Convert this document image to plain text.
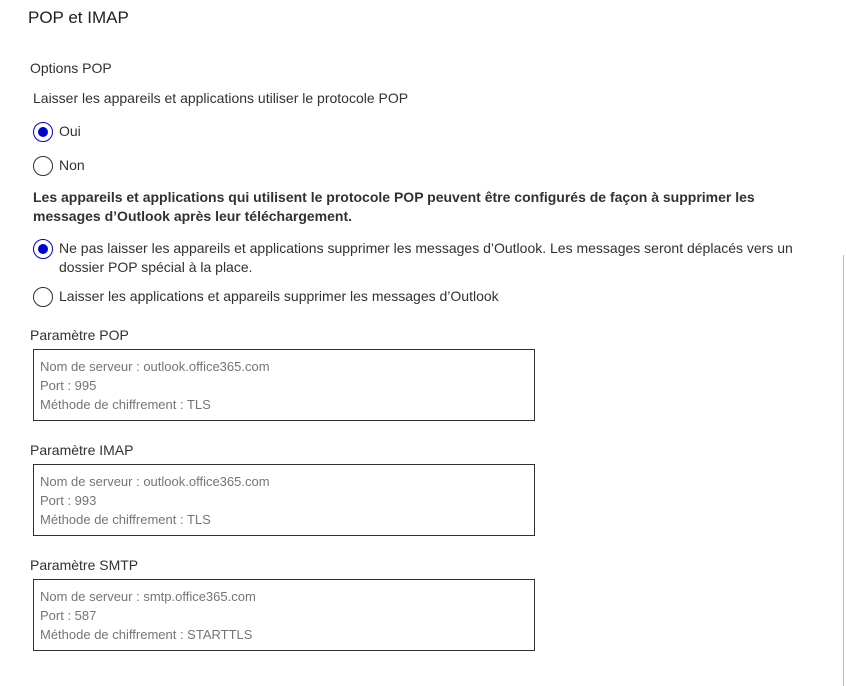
POP et IMAP
Options POP
Laisser les appareils et applications utiliser le protocole POP
Oui
Non
Les appareils et applications qui utilisent le protocole POP peuvent être configurés de façon à supprimer les messages d’Outlook après leur téléchargement.
Ne pas laisser les appareils et applications supprimer les messages d’Outlook. Les messages seront déplacés vers un dossier POP spécial à la place.
Laisser les applications et appareils supprimer les messages d’Outlook
Paramètre POP
Nom de serveur : outlook.office365.com
Port : 995
Méthode de chiffrement : TLS
Paramètre IMAP
Nom de serveur : outlook.office365.com
Port : 993
Méthode de chiffrement : TLS
Paramètre SMTP
Nom de serveur : smtp.office365.com
Port : 587
Méthode de chiffrement : STARTTLS
